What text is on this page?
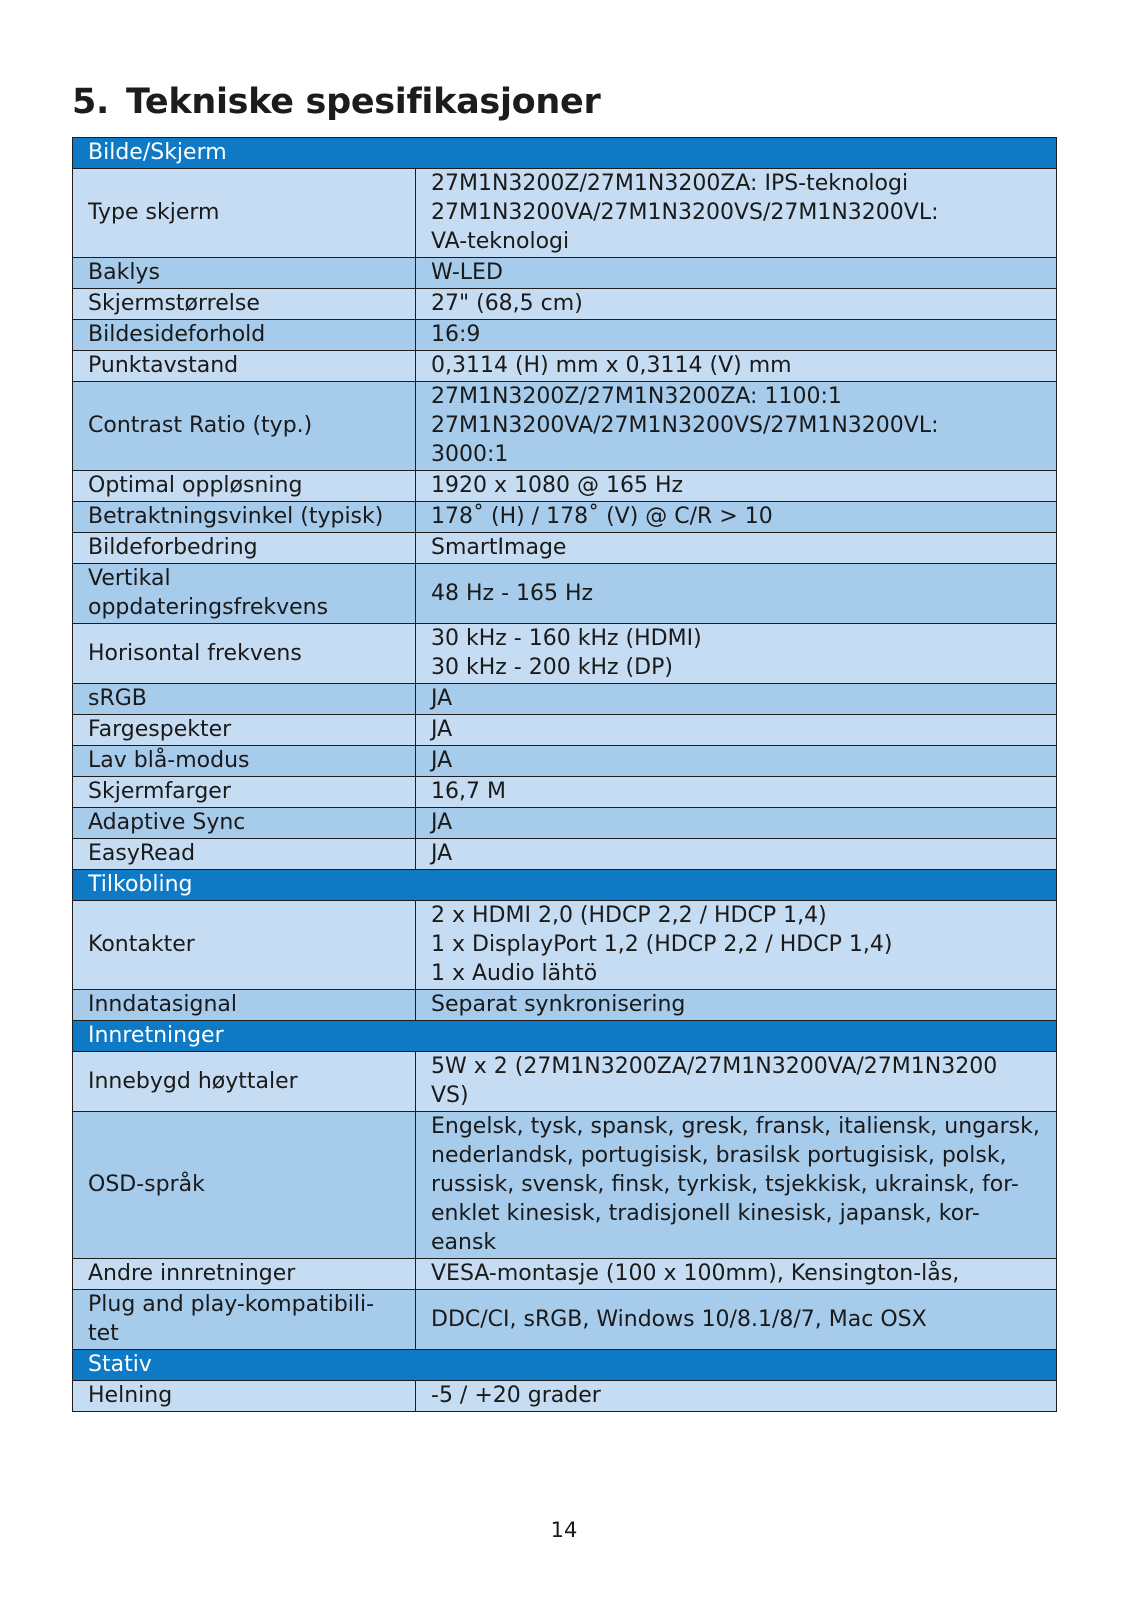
5. Tekniske spesifikasjoner
Bilde/Skjerm	
Type skjerm	27M1N3200Z/27M1N3200ZA: IPS-teknologi
27M1N3200VA/27M1N3200VS/27M1N3200VL:
VA-teknologi

Baklys	W-LED

Skjermstørrelse	27" (68,5 cm)

Bildesideforhold	16:9

Punktavstand	0,3114 (H) mm x 0,3114 (V) mm

Contrast Ratio (typ.)	27M1N3200Z/27M1N3200ZA: 1100:1
27M1N3200VA/27M1N3200VS/27M1N3200VL:
3000:1

Optimal oppløsning	1920 x 1080 @ 165 Hz

Betraktningsvinkel (typisk)	178˚ (H) / 178˚ (V) @ C/R > 10

Bildeforbedring	SmartImage

Vertikal
oppdateringsfrekvens	48 Hz - 165 Hz

Horisontal frekvens	30 kHz - 160 kHz (HDMI)
30 kHz - 200 kHz (DP)

sRGB	JA

Fargespekter	JA

Lav blå-modus	JA

Skjermfarger	16,7 M

Adaptive Sync	JA

EasyRead	JA

Tilkobling	
Kontakter	2 x HDMI 2,0 (HDCP 2,2 / HDCP 1,4)
1 x DisplayPort 1,2 (HDCP 2,2 / HDCP 1,4)
1 x Audio lähtö

Inndatasignal	Separat synkronisering

Innretninger	
Innebygd høyttaler	5W x 2 (27M1N3200ZA/27M1N3200VA/27M1N3200
VS)

OSD-språk	Engelsk, tysk, spansk, gresk, fransk, italiensk, ungarsk,
nederlandsk, portugisisk, brasilsk portugisisk, polsk,
russisk, svensk, finsk, tyrkisk, tsjekkisk, ukrainsk, for-
enklet kinesisk, tradisjonell kinesisk, japansk, kor-
eansk

Andre innretninger	VESA-montasje (100 x 100mm), Kensington-lås,

Plug and play-kompatibili-
tet	DDC/CI, sRGB, Windows 10/8.1/8/7, Mac OSX

Stativ	
Helning	-5 / +20 grader
14
